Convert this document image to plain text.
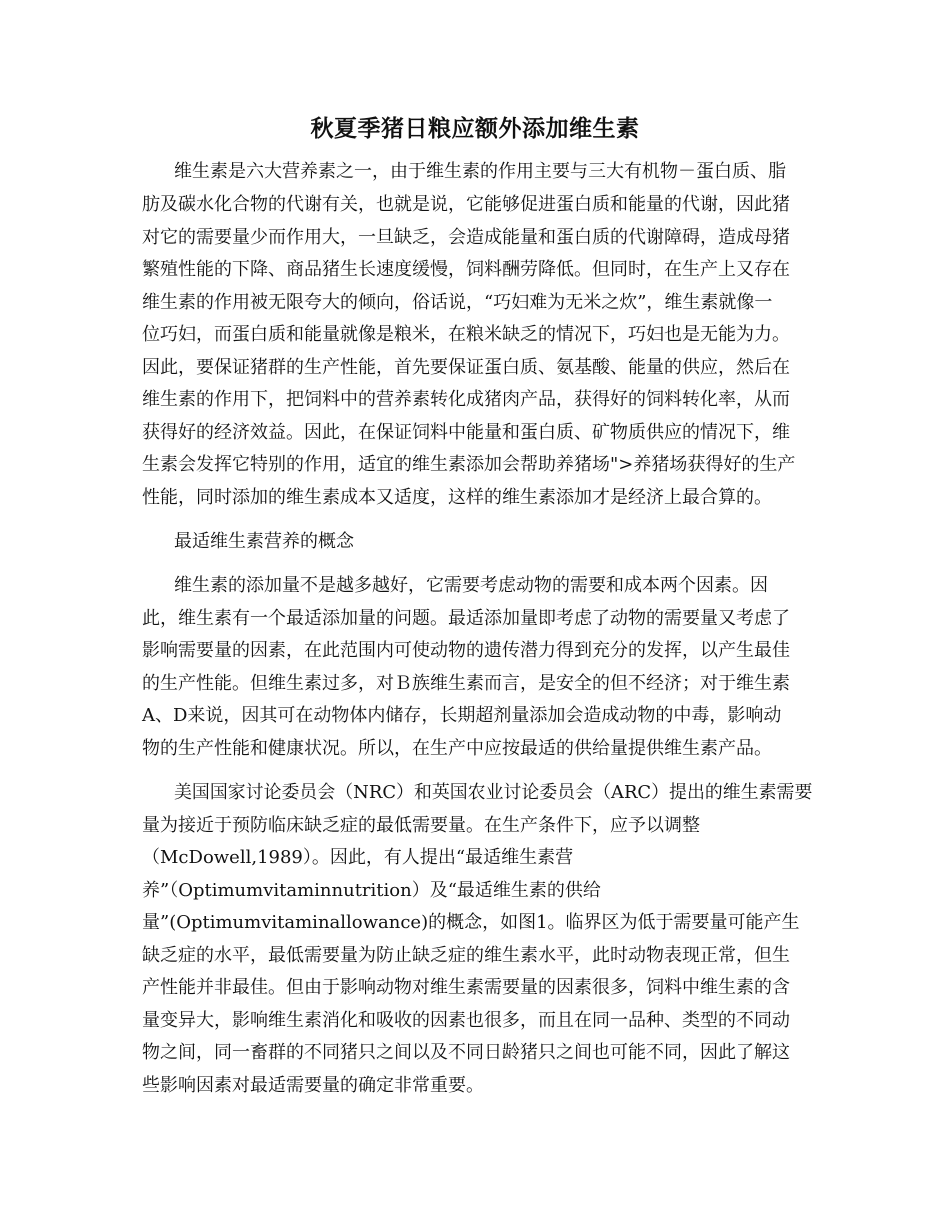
秋夏季猪日粮应额外添加维生素
维生素是六大营养素之一，由于维生素的作用主要与三大有机物－蛋白质、脂
肪及碳水化合物的代谢有关，也就是说，它能够促进蛋白质和能量的代谢，因此猪
对它的需要量少而作用大，一旦缺乏，会造成能量和蛋白质的代谢障碍，造成母猪
繁殖性能的下降、商品猪生长速度缓慢，饲料酬劳降低。但同时，在生产上又存在
维生素的作用被无限夸大的倾向，俗话说，“巧妇难为无米之炊”，维生素就像一
位巧妇，而蛋白质和能量就像是粮米，在粮米缺乏的情况下，巧妇也是无能为力。
因此，要保证猪群的生产性能，首先要保证蛋白质、氨基酸、能量的供应，然后在
维生素的作用下，把饲料中的营养素转化成猪肉产品，获得好的饲料转化率，从而
获得好的经济效益。因此，在保证饲料中能量和蛋白质、矿物质供应的情况下，维
生素会发挥它特别的作用，适宜的维生素添加会帮助养猪场">养猪场获得好的生产
性能，同时添加的维生素成本又适度，这样的维生素添加才是经济上最合算的。
最适维生素营养的概念
维生素的添加量不是越多越好，它需要考虑动物的需要和成本两个因素。因
此，维生素有一个最适添加量的问题。最适添加量即考虑了动物的需要量又考虑了
影响需要量的因素，在此范围内可使动物的遗传潜力得到充分的发挥，以产生最佳
的生产性能。但维生素过多，对Ｂ族维生素而言，是安全的但不经济；对于维生素
A、D来说，因其可在动物体内储存，长期超剂量添加会造成动物的中毒，影响动
物的生产性能和健康状况。所以，在生产中应按最适的供给量提供维生素产品。
美国国家讨论委员会（NRC）和英国农业讨论委员会（ARC）提出的维生素需要
量为接近于预防临床缺乏症的最低需要量。在生产条件下，应予以调整
（McDowell,1989）。因此，有人提出“最适维生素营
养”（Optimumvitaminnutrition）及“最适维生素的供给
量”(Optimumvitaminallowance)的概念，如图1。临界区为低于需要量可能产生
缺乏症的水平，最低需要量为防止缺乏症的维生素水平，此时动物表现正常，但生
产性能并非最佳。但由于影响动物对维生素需要量的因素很多，饲料中维生素的含
量变异大，影响维生素消化和吸收的因素也很多，而且在同一品种、类型的不同动
物之间，同一畜群的不同猪只之间以及不同日龄猪只之间也可能不同，因此了解这
些影响因素对最适需要量的确定非常重要。
